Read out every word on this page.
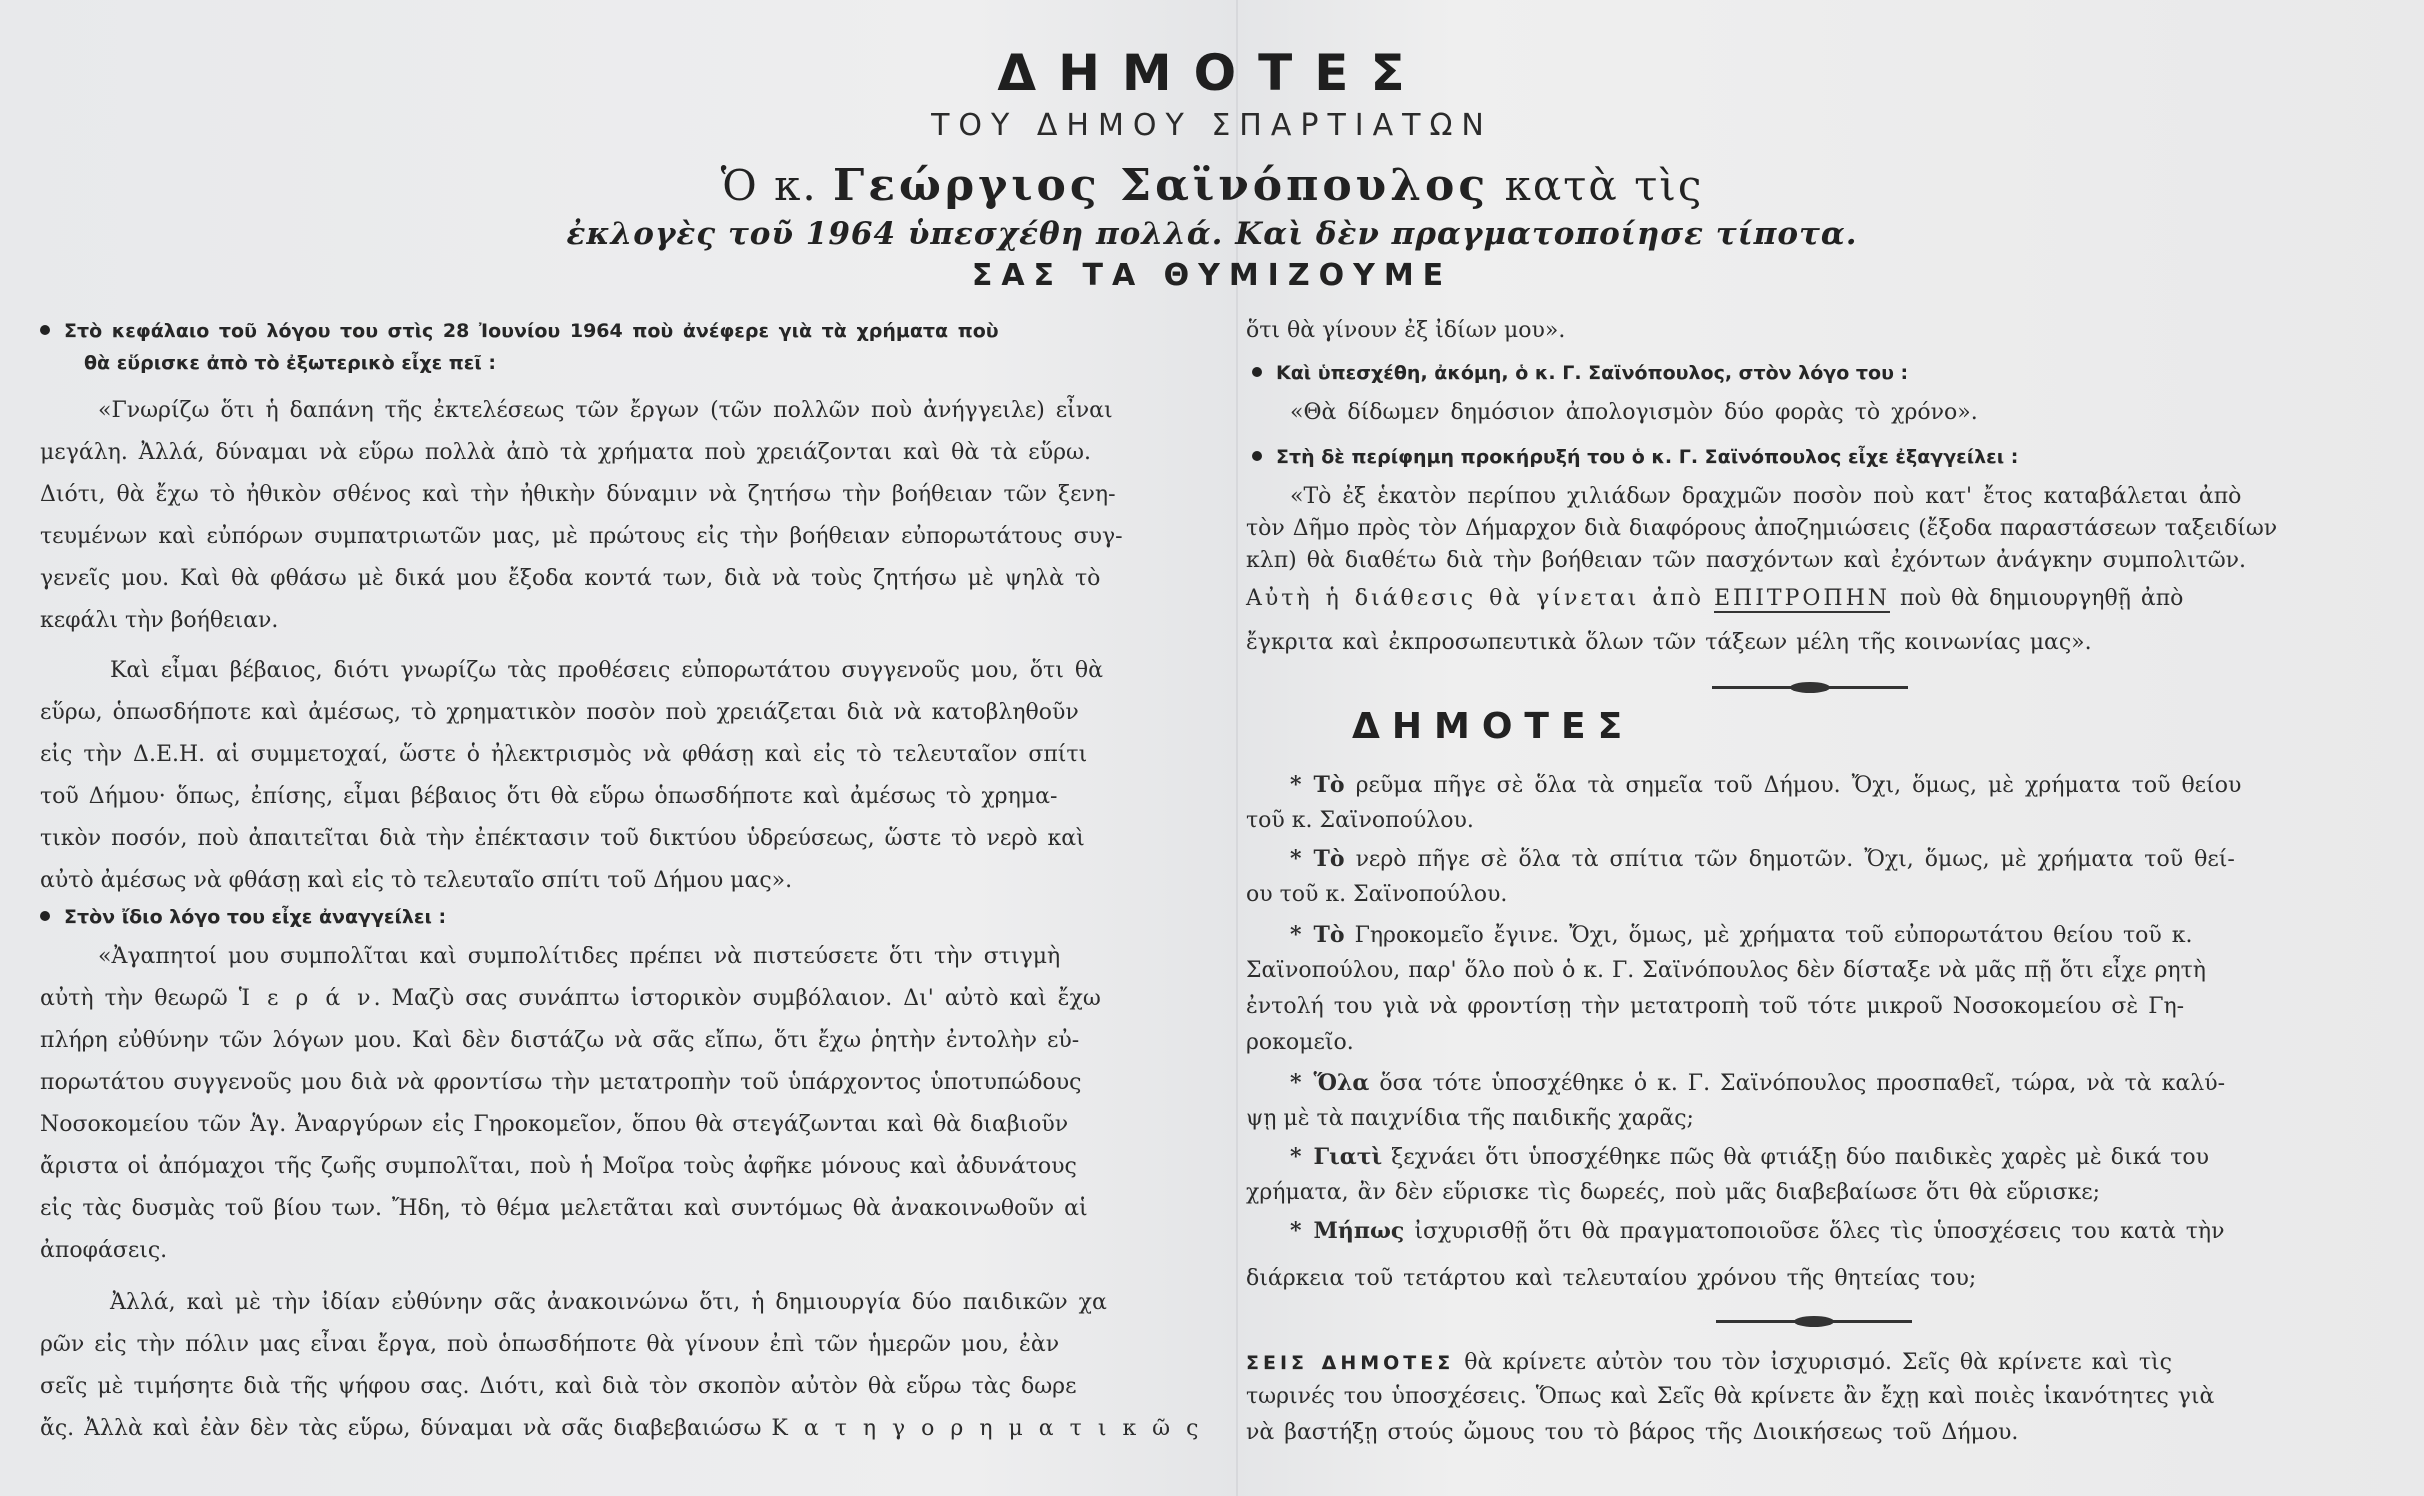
ΔΗΜΟΤΕΣ
ΤΟΥ ΔΗΜΟΥ ΣΠΑΡΤΙΑΤΩΝ
Ὁ κ. Γεώργιος Σαϊνόπουλος κατὰ τὶς
ἐκλογὲς τοῦ 1964 ὑπεσχέθη πολλά. Καὶ δὲν πραγματοποίησε τίποτα.
ΣΑΣ ΤΑ ΘΥΜΙΖΟΥΜΕ
Στὸ κεφάλαιο τοῦ λόγου του στὶς 28 Ἰουνίου 1964 ποὺ ἀνέφερε γιὰ τὰ χρήματα ποὺ
θὰ εὕρισκε ἀπὸ τὸ ἐξωτερικὸ εἶχε πεῖ :
«Γνωρίζω ὅτι ἡ δαπάνη τῆς ἐκτελέσεως τῶν ἔργων (τῶν πολλῶν ποὺ ἀνήγγειλε) εἶναι
μεγάλη. Ἀλλά, δύναμαι νὰ εὕρω πολλὰ ἀπὸ τὰ χρήματα ποὺ χρειάζονται καὶ θὰ τὰ εὕρω.
Διότι, θὰ ἔχω τὸ ἠθικὸν σθένος καὶ τὴν ἠθικὴν δύναμιν νὰ ζητήσω τὴν βοήθειαν τῶν ξενη-
τευμένων καὶ εὐπόρων συμπατριωτῶν μας, μὲ πρώτους εἰς τὴν βοήθειαν εὐπορωτάτους συγ-
γενεῖς μου. Καὶ θὰ φθάσω μὲ δικά μου ἔξοδα κοντά των, διὰ νὰ τοὺς ζητήσω μὲ ψηλὰ τὸ
κεφάλι τὴν βοήθειαν.
Καὶ εἶμαι βέβαιος, διότι γνωρίζω τὰς προθέσεις εὐπορωτάτου συγγενοῦς μου, ὅτι θὰ
εὕρω, ὁπωσδήποτε καὶ ἀμέσως, τὸ χρηματικὸν ποσὸν ποὺ χρειάζεται διὰ νὰ κατοβληθοῦν
εἰς τὴν Δ.Ε.Η. αἱ συμμετοχαί, ὥστε ὁ ἠλεκτρισμὸς νὰ φθάσῃ καὶ εἰς τὸ τελευταῖον σπίτι
τοῦ Δήμου· ὅπως, ἐπίσης, εἶμαι βέβαιος ὅτι θὰ εὕρω ὁπωσδήποτε καὶ ἀμέσως τὸ χρημα-
τικὸν ποσόν, ποὺ ἀπαιτεῖται διὰ τὴν ἐπέκτασιν τοῦ δικτύου ὑδρεύσεως, ὥστε τὸ νερὸ καὶ
αὐτὸ ἀμέσως νὰ φθάσῃ καὶ εἰς τὸ τελευταῖο σπίτι τοῦ Δήμου μας».
Στὸν ἴδιο λόγο του εἶχε ἀναγγείλει :
«Ἀγαπητοί μου συμπολῖται καὶ συμπολίτιδες πρέπει νὰ πιστεύσετε ὅτι τὴν στιγμὴ
αὐτὴ τὴν θεωρῶ Ἱ ε ρ ά ν. Μαζὺ σας συνάπτω ἱστορικὸν συμβόλαιον. Δι' αὐτὸ καὶ ἔχω
πλήρη εὐθύνην τῶν λόγων μου. Καὶ δὲν διστάζω νὰ σᾶς εἴπω, ὅτι ἔχω ῥητὴν ἐντολὴν εὐ-
πορωτάτου συγγενοῦς μου διὰ νὰ φροντίσω τὴν μετατροπὴν τοῦ ὑπάρχοντος ὑποτυπώδους
Νοσοκομείου τῶν Ἁγ. Ἀναργύρων εἰς Γηροκομεῖον, ὅπου θὰ στεγάζωνται καὶ θὰ διαβιοῦν
ἄριστα οἱ ἀπόμαχοι τῆς ζωῆς συμπολῖται, ποὺ ἡ Μοῖρα τοὺς ἀφῆκε μόνους καὶ ἀδυνάτους
εἰς τὰς δυσμὰς τοῦ βίου των. Ἤδη, τὸ θέμα μελετᾶται καὶ συντόμως θὰ ἀνακοινωθοῦν αἱ
ἀποφάσεις.
Ἀλλά, καὶ μὲ τὴν ἰδίαν εὐθύνην σᾶς ἀνακοινώνω ὅτι, ἡ δημιουργία δύο παιδικῶν χα
ρῶν εἰς τὴν πόλιν μας εἶναι ἔργα, ποὺ ὁπωσδήποτε θὰ γίνουν ἐπὶ τῶν ἡμερῶν μου, ἐὰν
σεῖς μὲ τιμήσητε διὰ τῆς ψήφου σας. Διότι, καὶ διὰ τὸν σκοπὸν αὐτὸν θὰ εὕρω τὰς δωρε
ἄς. Ἀλλὰ καὶ ἐὰν δὲν τὰς εὕρω, δύναμαι νὰ σᾶς διαβεβαιώσω Κ α τ η γ ο ρ η μ α τ ι κ ῶ ς
ὅτι θὰ γίνουν ἐξ ἰδίων μου».
Καὶ ὑπεσχέθη, ἀκόμη, ὁ κ. Γ. Σαϊνόπουλος, στὸν λόγο του :
«Θὰ δίδωμεν δημόσιον ἀπολογισμὸν δύο φορὰς τὸ χρόνο».
Στὴ δὲ περίφημη προκήρυξή του ὁ κ. Γ. Σαϊνόπουλος εἶχε ἐξαγγείλει :
«Τὸ ἐξ ἑκατὸν περίπου χιλιάδων δραχμῶν ποσὸν ποὺ κατ' ἔτος καταβάλεται ἀπὸ
τὸν Δῆμο πρὸς τὸν Δήμαρχον διὰ διαφόρους ἀποζημιώσεις (ἔξοδα παραστάσεων ταξειδίων
κλπ) θὰ διαθέτω διὰ τὴν βοήθειαν τῶν πασχόντων καὶ ἐχόντων ἀνάγκην συμπολιτῶν.
Αὐτὴ ἡ διάθεσις θὰ γίνεται ἀπὸ ΕΠΙΤΡΟΠΗΝ ποὺ θὰ δημιουργηθῇ ἀπὸ
ἔγκριτα καὶ ἐκπροσωπευτικὰ ὅλων τῶν τάξεων μέλη τῆς κοινωνίας μας».
ΔΗΜΟΤΕΣ
* Τὸ ρεῦμα πῆγε σὲ ὅλα τὰ σημεῖα τοῦ Δήμου. Ὄχι, ὅμως, μὲ χρήματα τοῦ θείου
τοῦ κ. Σαϊνοπούλου.
* Τὸ νερὸ πῆγε σὲ ὅλα τὰ σπίτια τῶν δημοτῶν. Ὄχι, ὅμως, μὲ χρήματα τοῦ θεί-
ου τοῦ κ. Σαϊνοπούλου.
* Τὸ Γηροκομεῖο ἔγινε. Ὄχι, ὅμως, μὲ χρήματα τοῦ εὐπορωτάτου θείου τοῦ κ.
Σαϊνοπούλου, παρ' ὅλο ποὺ ὁ κ. Γ. Σαϊνόπουλος δὲν δίσταξε νὰ μᾶς πῇ ὅτι εἶχε ρητὴ
ἐντολή του γιὰ νὰ φροντίσῃ τὴν μετατροπὴ τοῦ τότε μικροῦ Νοσοκομείου σὲ Γη-
ροκομεῖο.
* Ὅλα ὅσα τότε ὑποσχέθηκε ὁ κ. Γ. Σαϊνόπουλος προσπαθεῖ, τώρα, νὰ τὰ καλύ-
ψῃ μὲ τὰ παιχνίδια τῆς παιδικῆς χαρᾶς;
* Γιατὶ ξεχνάει ὅτι ὑποσχέθηκε πῶς θὰ φτιάξῃ δύο παιδικὲς χαρὲς μὲ δικά του
χρήματα, ἂν δὲν εὕρισκε τὶς δωρεές, ποὺ μᾶς διαβεβαίωσε ὅτι θὰ εὕρισκε;
* Μήπως ἰσχυρισθῇ ὅτι θὰ πραγματοποιοῦσε ὅλες τὶς ὑποσχέσεις του κατὰ τὴν
διάρκεια τοῦ τετάρτου καὶ τελευταίου χρόνου τῆς θητείας του;
ΣΕΙΣ ΔΗΜΟΤΕΣ θὰ κρίνετε αὐτὸν του τὸν ἰσχυρισμό. Σεῖς θὰ κρίνετε καὶ τὶς
τωρινές του ὑποσχέσεις. Ὅπως καὶ Σεῖς θὰ κρίνετε ἂν ἔχῃ καὶ ποιὲς ἱκανότητες γιὰ
νὰ βαστήξῃ στούς ὤμους του τὸ βάρος τῆς Διοικήσεως τοῦ Δήμου.
